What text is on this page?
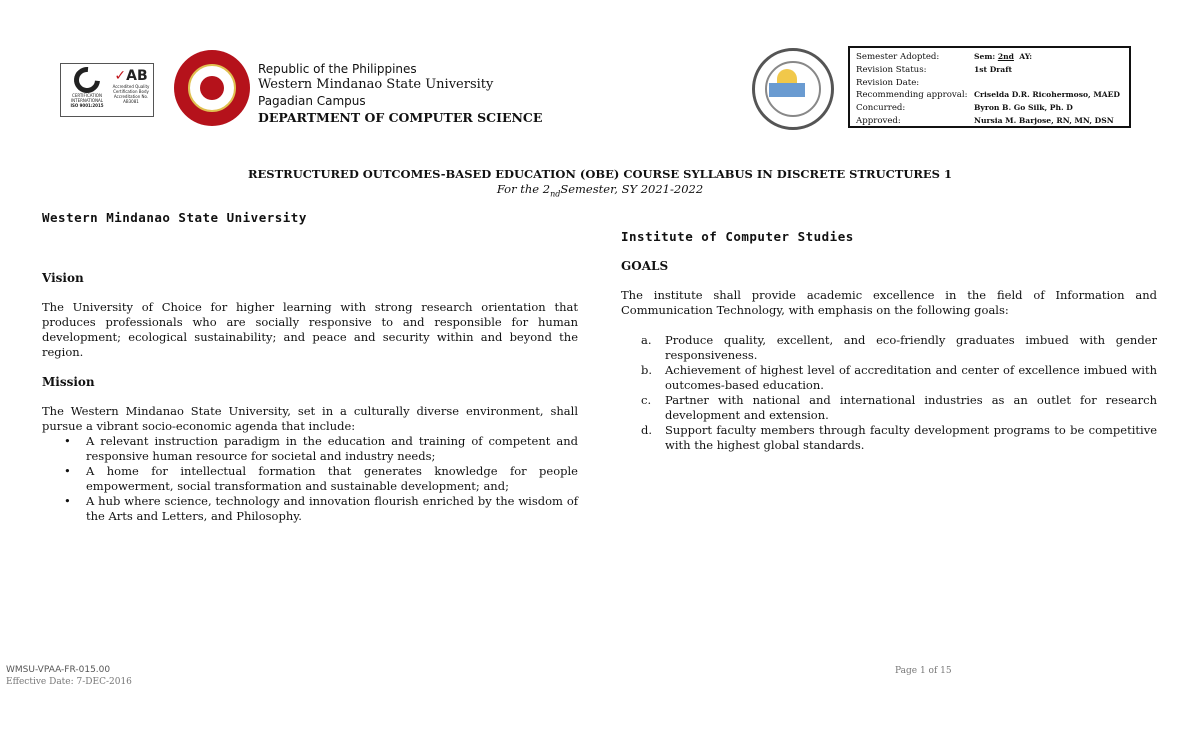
CERTIFICATION INTERNATIONAL
ISO 9001:2015
✓AB
Accredited Quality Certification Body Accreditation No. AB3081
Republic of the Philippines
Western Mindanao State University
Pagadian Campus
DEPARTMENT OF COMPUTER SCIENCE
Semester Adopted:	Sem: 2nd  AY:
Revision Status:	1st Draft
Revision Date:
Recommending approval: Criselda D.R. Ricohermoso, MAED
Concurred:	Byron B. Go Silk, Ph. D
Approved:	Nursia M. Barjose, RN, MN, DSN
RESTRUCTURED OUTCOMES-BASED EDUCATION (OBE) COURSE SYLLABUS IN DISCRETE STRUCTURES 1
For the $2_{nd}Semester$, SY 2021-2022
Western Mindanao State University
Vision

The University of Choice for higher learning with strong research orientation that produces professionals who are socially responsive to and responsible for human development; ecological sustainability; and peace and security within and beyond the region.

Mission

The Western Mindanao State University, set in a culturally diverse environment, shall pursue a vibrant socio-economic agenda that include:

• A relevant instruction paradigm in the education and training of competent and responsive human resource for societal and industry needs;
• A home for intellectual formation that generates knowledge for people empowerment, social transformation and sustainable development; and;
• A hub where science, technology and innovation flourish enriched by the wisdom of the Arts and Letters, and Philosophy.
Institute of Computer Studies
GOALS

The institute shall provide academic excellence in the field of Information and Communication Technology, with emphasis on the following goals:

a. Produce quality, excellent, and eco-friendly graduates imbued with gender responsiveness.
b. Achievement of highest level of accreditation and center of excellence imbued with outcomes-based education.
c. Partner with national and international industries as an outlet for research development and extension.
d. Support faculty members through faculty development programs to be competitive with the highest global standards.
WMSU-VPAA-FR-015.00
Effective Date: 7-DEC-2016
Page 1 of 15
